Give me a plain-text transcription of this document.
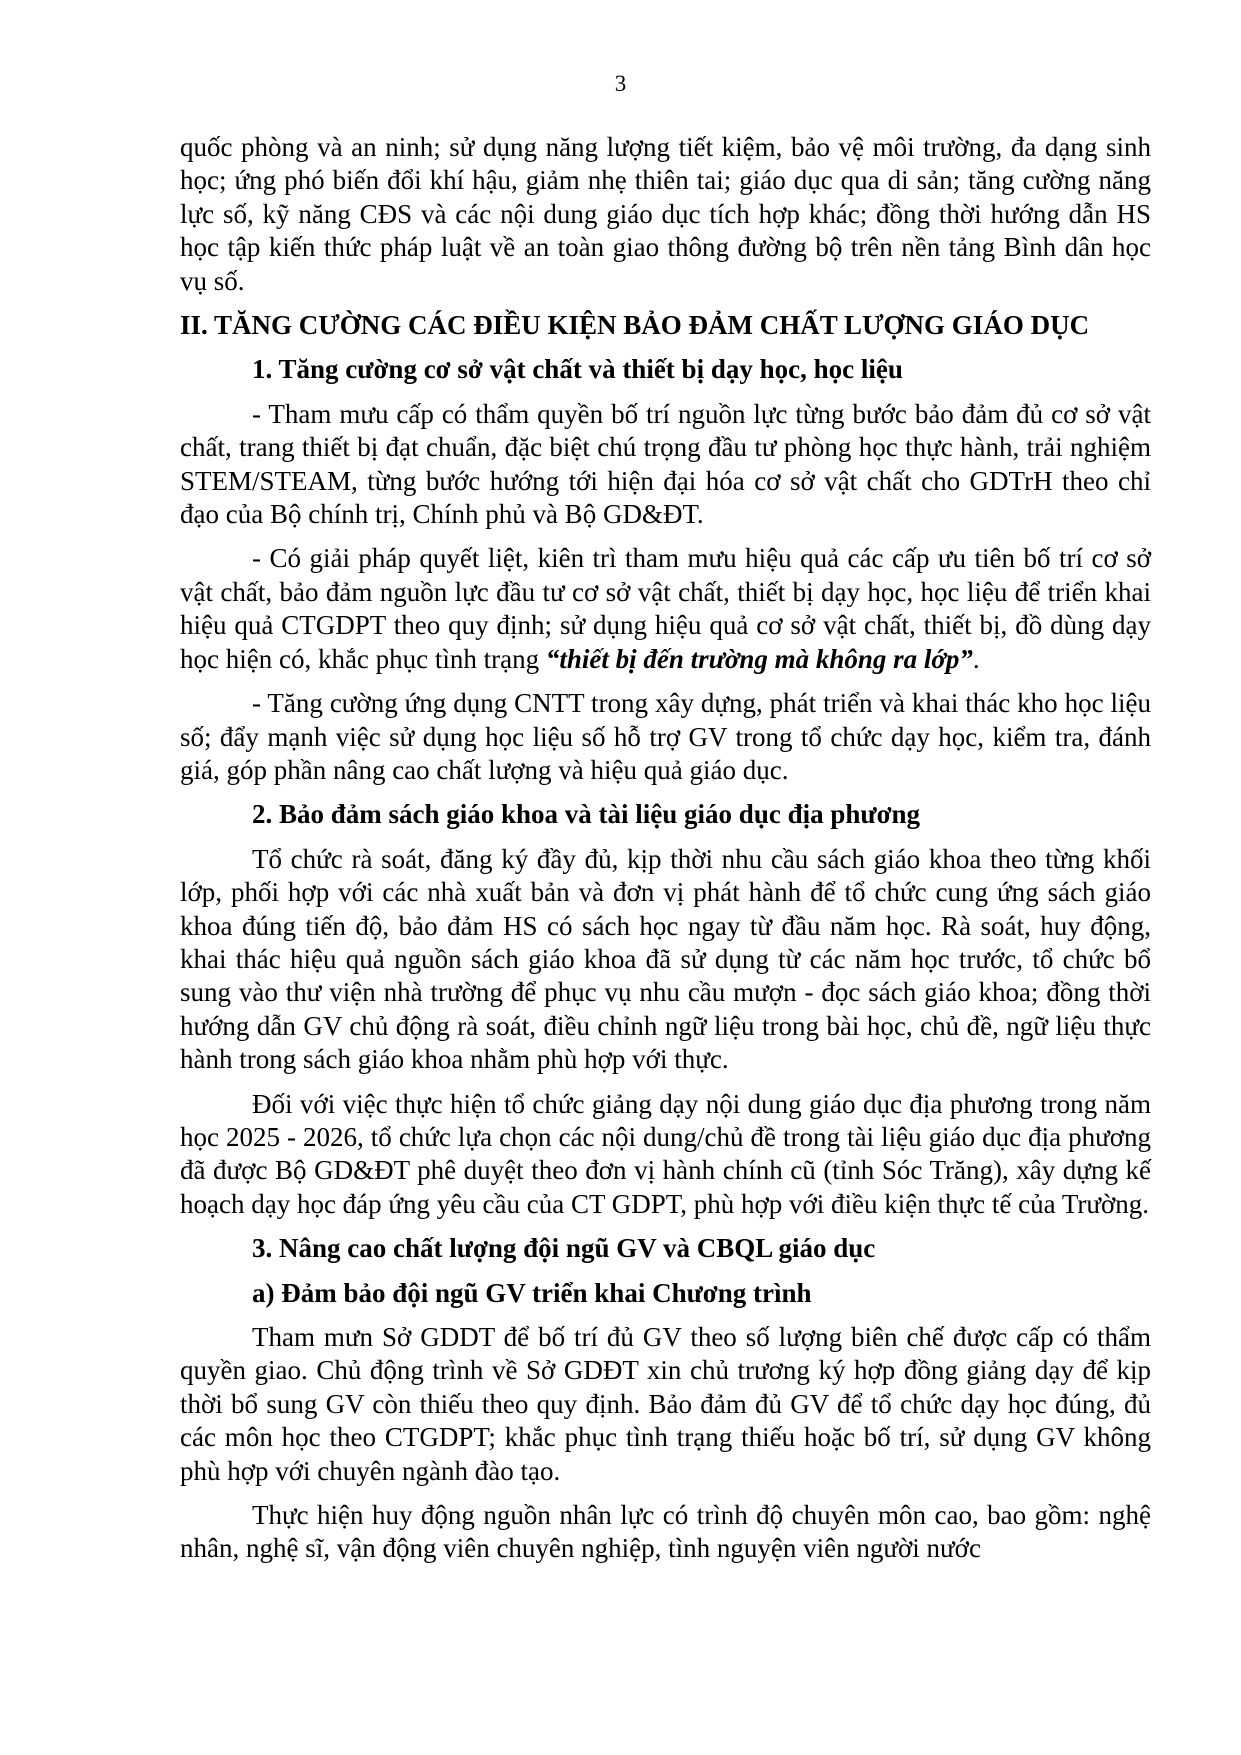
3

quốc phòng và an ninh; sử dụng năng lượng tiết kiệm, bảo vệ môi trường, đa dạng sinh học; ứng phó biến đổi khí hậu, giảm nhẹ thiên tai; giáo dục qua di sản; tăng cường năng lực số, kỹ năng CĐS và các nội dung giáo dục tích hợp khác; đồng thời hướng dẫn HS học tập kiến thức pháp luật về an toàn giao thông đường bộ trên nền tảng Bình dân học vụ số.

II. TĂNG CƯỜNG CÁC ĐIỀU KIỆN BẢO ĐẢM CHẤT LƯỢNG GIÁO DỤC

1. Tăng cường cơ sở vật chất và thiết bị dạy học, học liệu

- Tham mưu cấp có thẩm quyền bố trí nguồn lực từng bước bảo đảm đủ cơ sở vật chất, trang thiết bị đạt chuẩn, đặc biệt chú trọng đầu tư phòng học thực hành, trải nghiệm STEM/STEAM, từng bước hướng tới hiện đại hóa cơ sở vật chất cho GDTrH theo chỉ đạo của Bộ chính trị, Chính phủ và Bộ GD&ĐT.

- Có giải pháp quyết liệt, kiên trì tham mưu hiệu quả các cấp ưu tiên bố trí cơ sở vật chất, bảo đảm nguồn lực đầu tư cơ sở vật chất, thiết bị dạy học, học liệu để triển khai hiệu quả CTGDPT theo quy định; sử dụng hiệu quả cơ sở vật chất, thiết bị, đồ dùng dạy học hiện có, khắc phục tình trạng “thiết bị đến trường mà không ra lớp”.

- Tăng cường ứng dụng CNTT trong xây dựng, phát triển và khai thác kho học liệu số; đẩy mạnh việc sử dụng học liệu số hỗ trợ GV trong tổ chức dạy học, kiểm tra, đánh giá, góp phần nâng cao chất lượng và hiệu quả giáo dục.

2. Bảo đảm sách giáo khoa và tài liệu giáo dục địa phương

Tổ chức rà soát, đăng ký đầy đủ, kịp thời nhu cầu sách giáo khoa theo từng khối lớp, phối hợp với các nhà xuất bản và đơn vị phát hành để tổ chức cung ứng sách giáo khoa đúng tiến độ, bảo đảm HS có sách học ngay từ đầu năm học. Rà soát, huy động, khai thác hiệu quả nguồn sách giáo khoa đã sử dụng từ các năm học trước, tổ chức bổ sung vào thư viện nhà trường để phục vụ nhu cầu mượn - đọc sách giáo khoa; đồng thời hướng dẫn GV chủ động rà soát, điều chỉnh ngữ liệu trong bài học, chủ đề, ngữ liệu thực hành trong sách giáo khoa nhằm phù hợp với thực.

Đối với việc thực hiện tổ chức giảng dạy nội dung giáo dục địa phương trong năm học 2025 - 2026, tổ chức lựa chọn các nội dung/chủ đề trong tài liệu giáo dục địa phương đã được Bộ GD&ĐT phê duyệt theo đơn vị hành chính cũ (tỉnh Sóc Trăng), xây dựng kế hoạch dạy học đáp ứng yêu cầu của CT GDPT, phù hợp với điều kiện thực tế của Trường.

3. Nâng cao chất lượng đội ngũ GV và CBQL giáo dục

a) Đảm bảo đội ngũ GV triển khai Chương trình

Tham mưn Sở GDDT để bố trí đủ GV theo số lượng biên chế được cấp có thẩm quyền giao. Chủ động trình về Sở GDĐT xin chủ trương ký hợp đồng giảng dạy để kịp thời bổ sung GV còn thiếu theo quy định. Bảo đảm đủ GV để tổ chức dạy học đúng, đủ các môn học theo CTGDPT; khắc phục tình trạng thiếu hoặc bố trí, sử dụng GV không phù hợp với chuyên ngành đào tạo.

Thực hiện huy động nguồn nhân lực có trình độ chuyên môn cao, bao gồm: nghệ nhân, nghệ sĩ, vận động viên chuyên nghiệp, tình nguyện viên người nước
